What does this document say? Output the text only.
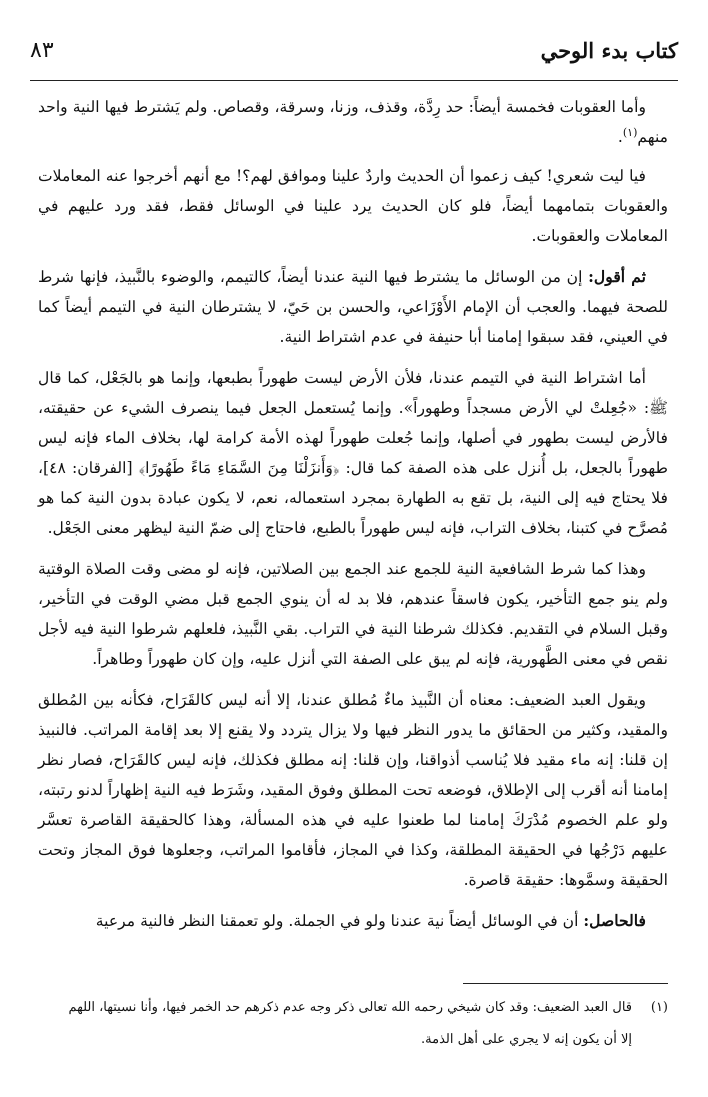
٨٣	كتاب بدء الوحي

وأما العقوبات فخمسة أيضاً: حد رِدَّة، وقذف، وزنا، وسرقة، وقصاص. ولم يَشترط فيها النية واحد منهم$^{(١)}$.

فيا ليت شعري! كيف زعموا أن الحديث واردٌ علينا وموافق لهم؟! مع أنهم أخرجوا عنه المعاملات والعقوبات بتمامهما أيضاً، فلو كان الحديث يرد علينا في الوسائل فقط، فقد ورد عليهم في المعاملات والعقوبات.

ثم أقول: إن من الوسائل ما يشترط فيها النية عندنا أيضاً، كالتيمم، والوضوء بالنَّبيذ، فإنها شرط للصحة فيهما. والعجب أن الإمام الأَوْزَاعي، والحسن بن حَيّ، لا يشترطان النية في التيمم أيضاً كما في العيني، فقد سبقوا إمامنا أبا حنيفة في عدم اشتراط النية.

أما اشتراط النية في التيمم عندنا، فلأن الأرض ليست طهوراً بطبعها، وإنما هو بالجَعْل، كما قال ﷺ: «جُعِلتْ لي الأرض مسجداً وطهوراً». وإنما يُستعمل الجعل فيما ينصرف الشيء عن حقيقته، فالأرض ليست بطهور في أصلها، وإنما جُعلت طهوراً لهذه الأمة كرامة لها، بخلاف الماء فإنه ليس طهوراً بالجعل، بل أُنزل على هذه الصفة كما قال: ﴿وَأَنزَلْنَا مِنَ السَّمَاءِ مَاءً طَهُورًا﴾ [الفرقان: ٤٨]، فلا يحتاج فيه إلى النية، بل تقع به الطهارة بمجرد استعماله، نعم، لا يكون عبادة بدون النية كما هو مُصرَّح في كتبنا، بخلاف التراب، فإنه ليس طهوراً بالطبع، فاحتاج إلى ضمّ النية ليظهر معنى الجَعْل.

وهذا كما شرط الشافعية النية للجمع عند الجمع بين الصلاتين، فإنه لو مضى وقت الصلاة الوقتية ولم ينو جمع التأخير، يكون فاسقاً عندهم، فلا بد له أن ينوي الجمع قبل مضي الوقت في التأخير، وقبل السلام في التقديم. فكذلك شرطنا النية في التراب. بقي النَّبيذ، فلعلهم شرطوا النية فيه لأجل نقص في معنى الطَّهورية، فإنه لم يبق على الصفة التي أنزل عليه، وإن كان طهوراً وطاهراً.

ويقول العبد الضعيف: معناه أن النَّبيذ ماءٌ مُطلق عندنا، إلا أنه ليس كالقَرَاح، فكأنه بين المُطلق والمقيد، وكثير من الحقائق ما يدور النظر فيها ولا يزال يتردد ولا يقنع إلا بعد إقامة المراتب. فالنبيذ إن قلنا: إنه ماء مقيد فلا يُناسب أذواقنا، وإن قلنا: إنه مطلق فكذلك، فإنه ليس كالقَرَاح، فصار نظر إمامنا أنه أقرب إلى الإطلاق، فوضعه تحت المطلق وفوق المقيد، وشَرَط فيه النية إظهاراً لدنو رتبته، ولو علم الخصوم مُدْرَكَ إمامنا لما طعنوا عليه في هذه المسألة، وهذا كالحقيقة القاصرة تعسَّر عليهم دَرْجُها في الحقيقة المطلقة، وكذا في المجاز، فأقاموا المراتب، وجعلوها فوق المجاز وتحت الحقيقة وسمَّوها: حقيقة قاصرة.

فالحاصل: أن في الوسائل أيضاً نية عندنا ولو في الجملة. ولو تعمقنا النظر فالنية مرعية

(١)قال العبد الضعيف: وقد كان شيخي رحمه الله تعالى ذكر وجه عدم ذكرهم حد الخمر فيها، وأنا نسيتها، اللهم
إلا أن يكون إنه لا يجري على أهل الذمة.
